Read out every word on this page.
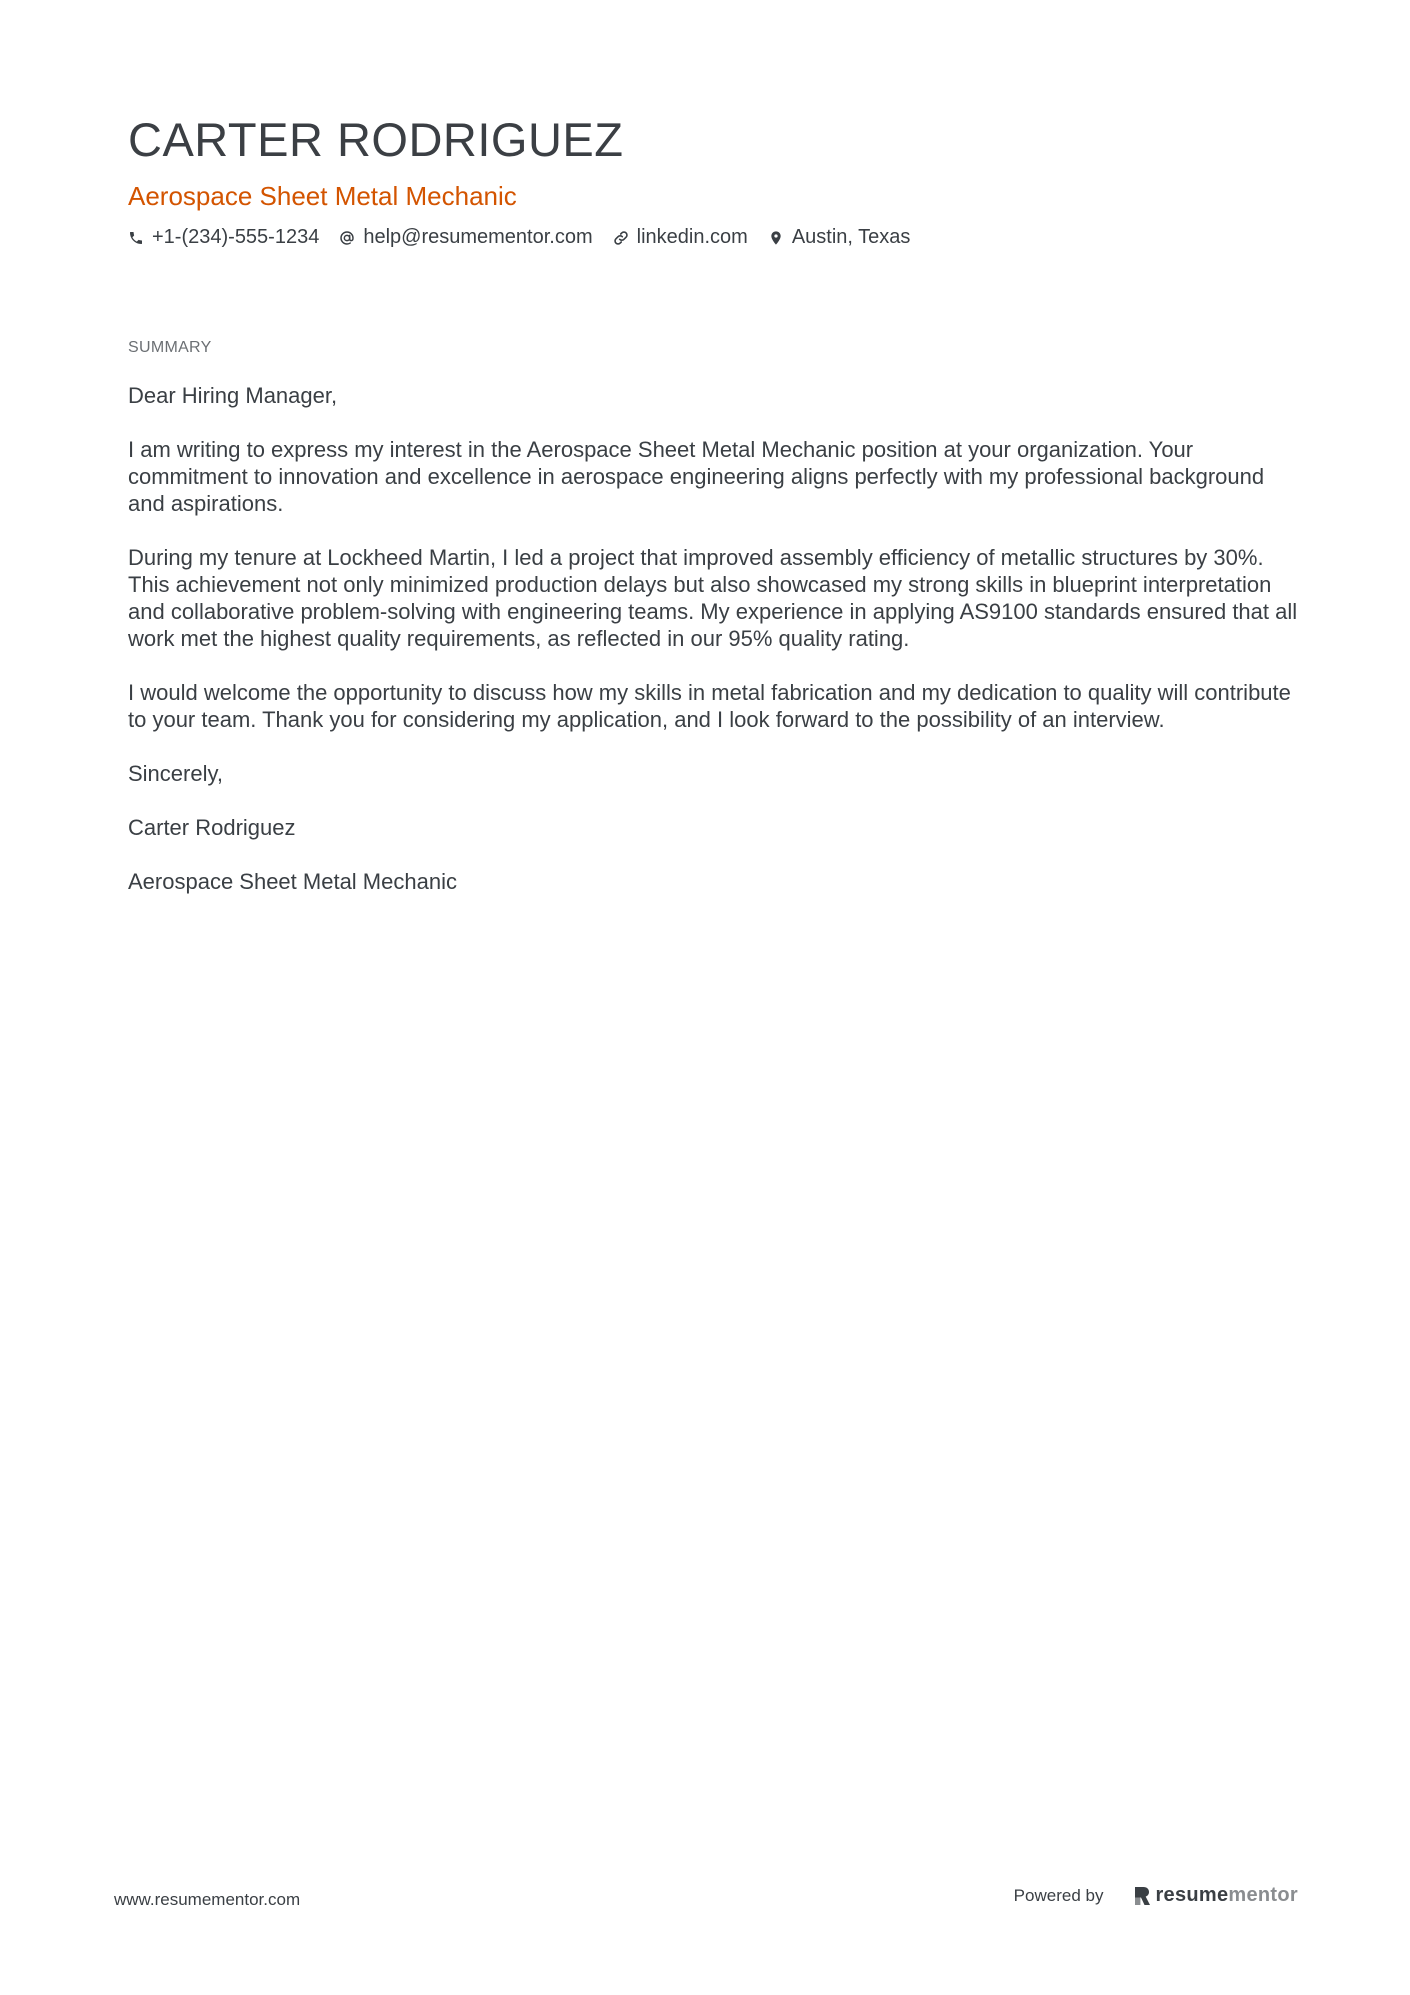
CARTER RODRIGUEZ
Aerospace Sheet Metal Mechanic
+1-(234)-555-1234 help@resumementor.com linkedin.com Austin, Texas
SUMMARY

Dear Hiring Manager,

I am writing to express my interest in the Aerospace Sheet Metal Mechanic position at your organization. Your commitment to innovation and excellence in aerospace engineering aligns perfectly with my professional background and aspirations.

During my tenure at Lockheed Martin, I led a project that improved assembly efficiency of metallic structures by 30%. This achievement not only minimized production delays but also showcased my strong skills in blueprint interpretation and collaborative problem-solving with engineering teams. My experience in applying AS9100 standards ensured that all work met the highest quality requirements, as reflected in our 95% quality rating.

I would welcome the opportunity to discuss how my skills in metal fabrication and my dedication to quality will contribute to your team. Thank you for considering my application, and I look forward to the possibility of an interview.

Sincerely,

Carter Rodriguez

Aerospace Sheet Metal Mechanic

www.resumementor.com	Powered by	resumementor
